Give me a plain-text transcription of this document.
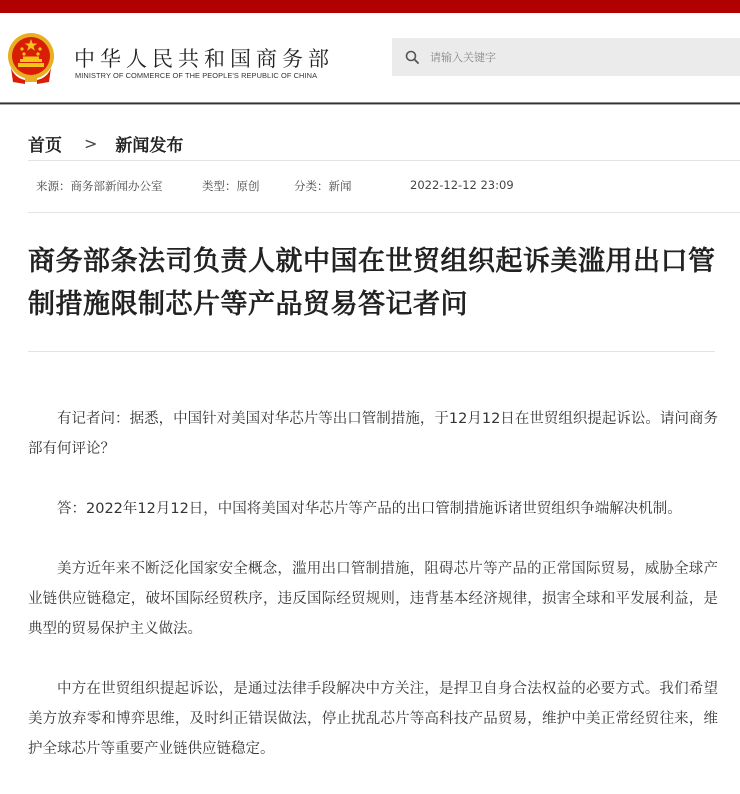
中华人民共和国商务部
MINISTRY OF COMMERCE OF THE PEOPLE'S REPUBLIC OF CHINA
请输入关键字
首页 > 新闻发布
来源：商务部新闻办公室	类型：原创	分类：新闻	2022-12-12 23:09
商务部条法司负责人就中国在世贸组织起诉美滥用出口管制措施限制芯片等产品贸易答记者问

有记者问：据悉，中国针对美国对华芯片等出口管制措施，于12月12日在世贸组织提起诉讼。请问商务部有何评论？

答：2022年12月12日，中国将美国对华芯片等产品的出口管制措施诉诸世贸组织争端解决机制。

美方近年来不断泛化国家安全概念，滥用出口管制措施，阻碍芯片等产品的正常国际贸易，威胁全球产业链供应链稳定，破坏国际经贸秩序，违反国际经贸规则，违背基本经济规律，损害全球和平发展利益，是典型的贸易保护主义做法。

中方在世贸组织提起诉讼，是通过法律手段解决中方关注，是捍卫自身合法权益的必要方式。我们希望美方放弃零和博弈思维，及时纠正错误做法，停止扰乱芯片等高科技产品贸易，维护中美正常经贸往来，维护全球芯片等重要产业链供应链稳定。
